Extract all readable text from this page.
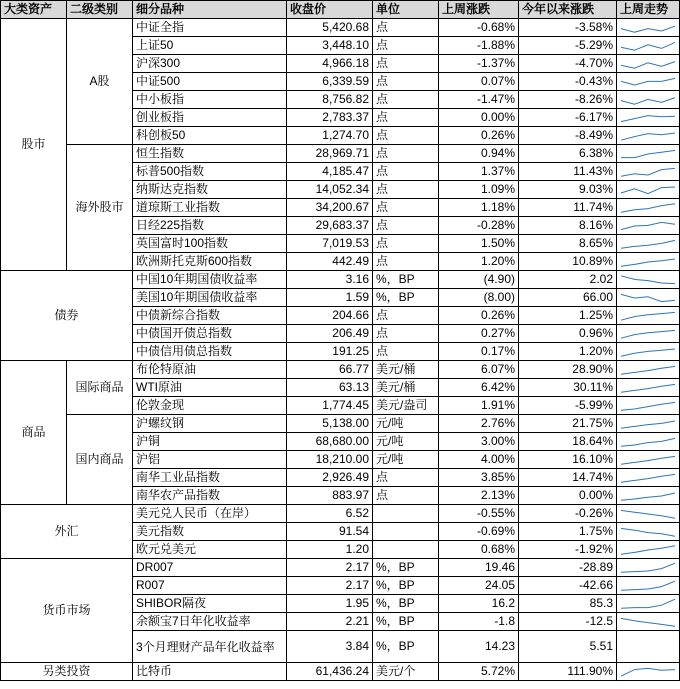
大类资产	二级类别	细分品种	收盘价	单位	上周涨跌	今年以来涨跌	上周走势
股市	A股	中证全指	5,420.68	点	-0.68%	-3.58%	

		上证50	3,448.10	点	-1.88%	-5.29%	

		沪深300	4,966.18	点	-1.37%	-4.70%	

		中证500	6,339.59	点	0.07%	-0.43%	

		中小板指	8,756.82	点	-1.47%	-8.26%	

		创业板指	2,783.37	点	0.00%	-6.17%	

		科创板50	1,274.70	点	0.26%	-8.49%	

	海外股市	恒生指数	28,969.71	点	0.94%	6.38%	

		标普500指数	4,185.47	点	1.37%	11.43%	

		纳斯达克指数	14,052.34	点	1.09%	9.03%	

		道琼斯工业指数	34,200.67	点	1.18%	11.74%	

		日经225指数	29,683.37	点	-0.28%	8.16%	

		英国富时100指数	7,019.53	点	1.50%	8.65%	

		欧洲斯托克斯600指数	442.49	点	1.20%	10.89%	

债券		中国10年期国债收益率	3.16	%，BP	(4.90)	2.02	

		美国10年期国债收益率	1.59	%，BP	(8.00)	66.00	

		中债新综合指数	204.66	点	0.26%	1.25%	

		中债国开债总指数	206.49	点	0.27%	0.96%	

		中债信用债总指数	191.25	点	0.17%	1.20%	

商品	国际商品	布伦特原油	66.77	美元/桶	6.07%	28.90%	

		WTI原油	63.13	美元/桶	6.42%	30.11%	

		伦敦金现	1,774.45	美元/盎司	1.91%	-5.99%	

	国内商品	沪螺纹钢	5,138.00	元/吨	2.76%	21.75%	

		沪铜	68,680.00	元/吨	3.00%	18.64%	

		沪铝	18,210.00	元/吨	4.00%	16.10%	

		南华工业品指数	2,926.49	点	3.85%	14.74%	

		南华农产品指数	883.97	点	2.13%	0.00%	

外汇		美元兑人民币（在岸）	6.52		-0.55%	-0.26%	

		美元指数	91.54		-0.69%	1.75%	

		欧元兑美元	1.20		0.68%	-1.92%	

货币市场		DR007	2.17	%，BP	19.46	-28.89	

		R007	2.17	%，BP	24.05	-42.66	

		SHIBOR隔夜	1.95	%，BP	16.2	85.3	

		余额宝7日年化收益率	2.21	%，BP	-1.8	-12.5	

		3个月理财产品年化收益率	3.84	%，BP	14.23	5.51	
另类投资		比特币	61,436.24	美元/个	5.72%	111.90%	
